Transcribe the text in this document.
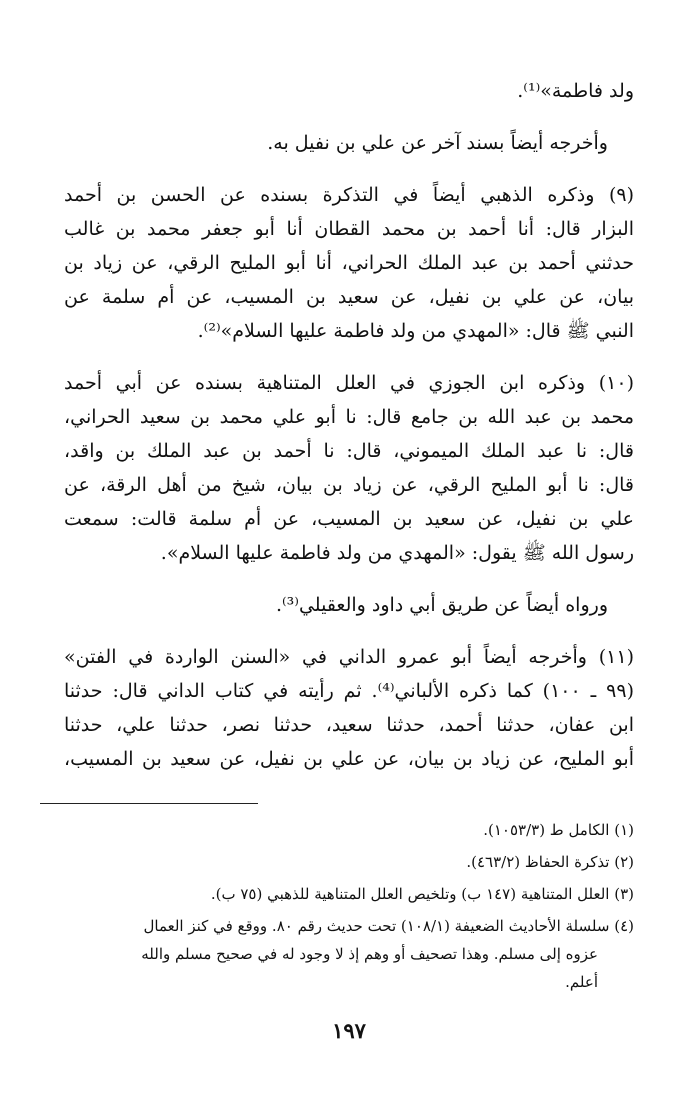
ولد فاطمة»⁽¹⁾.
وأخرجه أيضاً بسند آخر عن علي بن نفيل به.
(٩) وذكره الذهبي أيضاً في التذكرة بسنده عن الحسن بن أحمد
البزار قال: أنا أحمد بن محمد القطان أنا أبو جعفر محمد بن غالب
حدثني أحمد بن عبد الملك الحراني، أنا أبو المليح الرقي، عن زياد بن
بيان، عن علي بن نفيل، عن سعيد بن المسيب، عن أم سلمة عن
النبي ﷺ قال: «المهدي من ولد فاطمة عليها السلام»⁽²⁾.
(١٠) وذكره ابن الجوزي في العلل المتناهية بسنده عن أبي أحمد
محمد بن عبد الله بن جامع قال: نا أبو علي محمد بن سعيد الحراني،
قال: نا عبد الملك الميموني، قال: نا أحمد بن عبد الملك بن واقد،
قال: نا أبو المليح الرقي، عن زياد بن بيان، شيخ من أهل الرقة، عن
علي بن نفيل، عن سعيد بن المسيب، عن أم سلمة قالت: سمعت
رسول الله ﷺ يقول: «المهدي من ولد فاطمة عليها السلام».
ورواه أيضاً عن طريق أبي داود والعقيلي⁽³⁾.
(١١) وأخرجه أيضاً أبو عمرو الداني في «السنن الواردة في الفتن»
(٩٩ ـ ١٠٠) كما ذكره الألباني⁽⁴⁾. ثم رأيته في كتاب الداني قال: حدثنا
ابن عفان، حدثنا أحمد، حدثنا سعيد، حدثنا نصر، حدثنا علي، حدثنا
أبو المليح، عن زياد بن بيان، عن علي بن نفيل، عن سعيد بن المسيب،
(١) الكامل ط (١٠٥٣/٣).
(٢) تذكرة الحفاظ (٤٦٣/٢).
(٣) العلل المتناهية (١٤٧ ب) وتلخيص العلل المتناهية للذهبي (٧٥ ب).
(٤) سلسلة الأحاديث الضعيفة (١٠٨/١) تحت حديث رقم ٨٠. ووقع في كنز العمال
عزوه إلى مسلم. وهذا تصحيف أو وهم إذ لا وجود له في صحيح مسلم والله
أعلم.
١٩٧
